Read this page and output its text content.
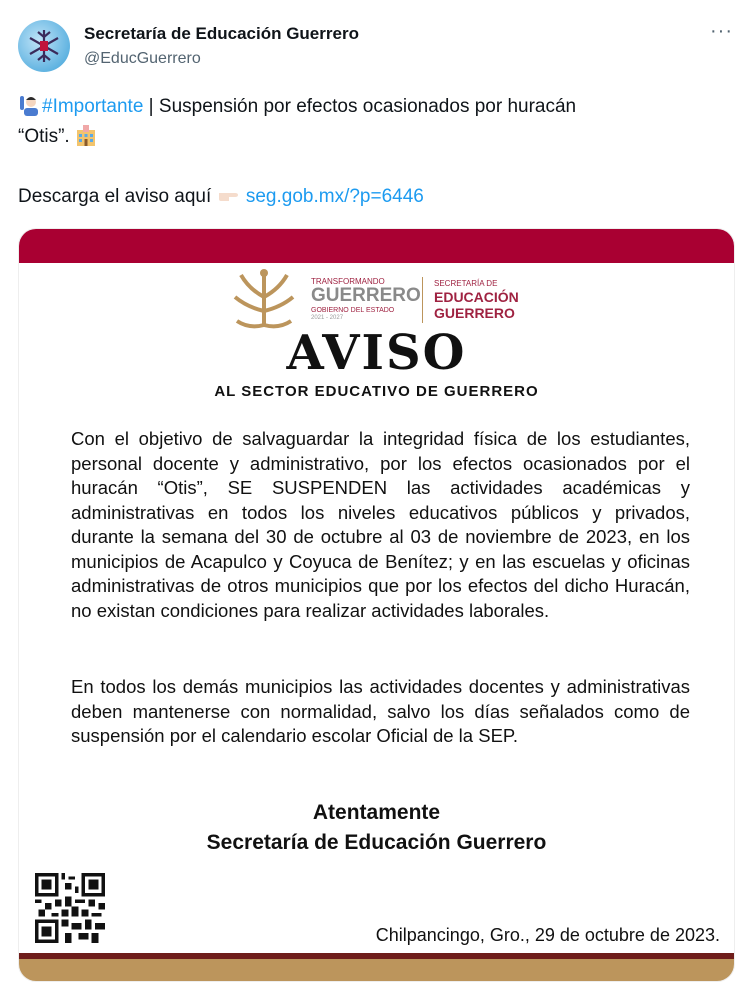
Secretaría de Educación Guerrero
@EducGuerrero
···
#Importante | Suspensión por efectos ocasionados por huracán
“Otis”.
Descarga el aviso aquí seg.gob.mx/?p=6446
TRANSFORMANDO
GUERRERO
GOBIERNO DEL ESTADO
2021 - 2027
SECRETARÍA DE
EDUCACIÓN
GUERRERO
AVISO
AL SECTOR EDUCATIVO DE GUERRERO
Con el objetivo de salvaguardar la integridad física de los estudiantes, personal docente y administrativo, por los efectos ocasionados por el huracán “Otis”, SE SUSPENDEN las actividades académicas y administrativas en todos los niveles educativos públicos y privados, durante la semana del 30 de octubre al 03 de noviembre de 2023, en los municipios de Acapulco y Coyuca de Benítez; y en las escuelas y oficinas administrativas de otros municipios que por los efectos del dicho Huracán, no existan condiciones para realizar actividades laborales.
En todos los demás municipios las actividades docentes y administrativas deben mantenerse con normalidad, salvo los días señalados como de suspensión por el calendario escolar Oficial de la SEP.
Atentamente
Secretaría de Educación Guerrero
Chilpancingo, Gro., 29 de octubre de 2023.
